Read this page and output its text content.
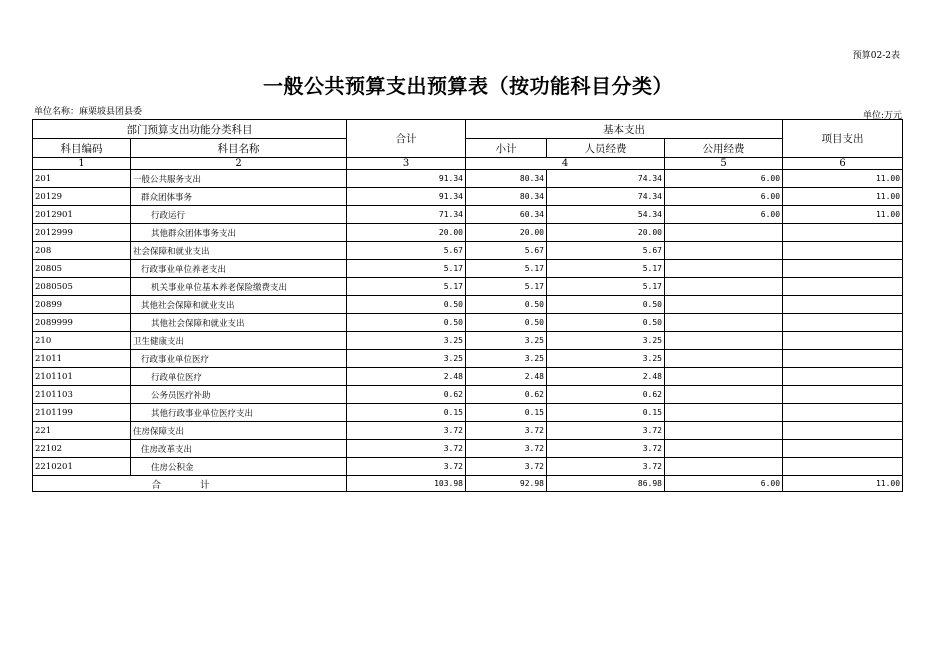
预算02-2表
一般公共预算支出预算表（按功能科目分类）
单位名称：麻栗坡县团县委	单位:万元
部门预算支出功能分类科目		合计	基本支出			项目支出
科目编码	科目名称		小计	人员经费	公用经费	
1	2	3	4		5	6
201	一般公共服务支出	91.34	80.34	74.34	6.00	11.00
20129	群众团体事务	91.34	80.34	74.34	6.00	11.00
2012901	行政运行	71.34	60.34	54.34	6.00	11.00
2012999	其他群众团体事务支出	20.00	20.00	20.00		
208	社会保障和就业支出	5.67	5.67	5.67		
20805	行政事业单位养老支出	5.17	5.17	5.17		
2080505	机关事业单位基本养老保险缴费支出	5.17	5.17	5.17		
20899	其他社会保障和就业支出	0.50	0.50	0.50		
2089999	其他社会保障和就业支出	0.50	0.50	0.50		
210	卫生健康支出	3.25	3.25	3.25		
21011	行政事业单位医疗	3.25	3.25	3.25		
2101101	行政单位医疗	2.48	2.48	2.48		
2101103	公务员医疗补助	0.62	0.62	0.62		
2101199	其他行政事业单位医疗支出	0.15	0.15	0.15		
221	住房保障支出	3.72	3.72	3.72		
22102	住房改革支出	3.72	3.72	3.72		
2210201	住房公积金	3.72	3.72	3.72		
合 计		103.98	92.98	86.98	6.00	11.00
